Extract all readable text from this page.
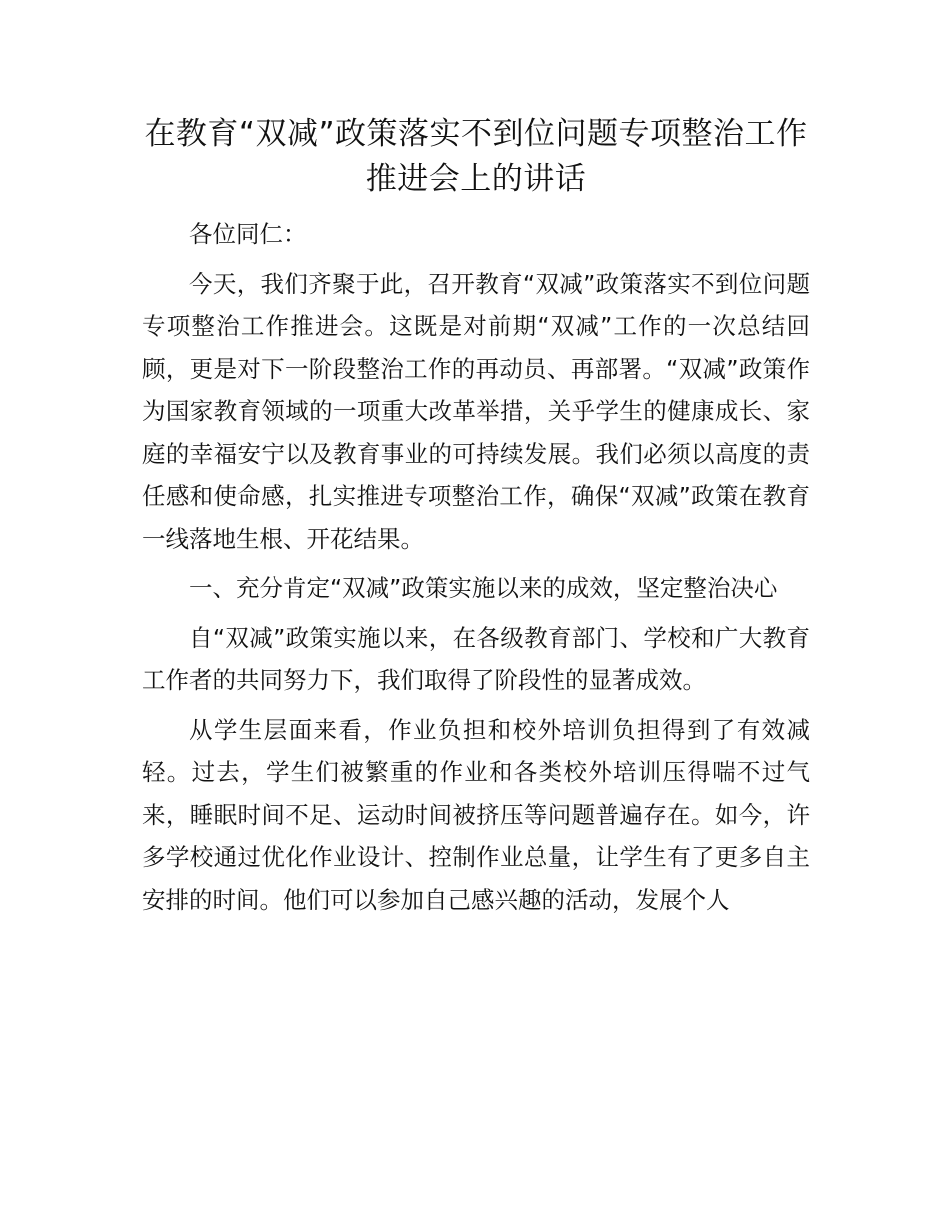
在教育“双减”政策落实不到位问题专项整治工作推进会上的讲话

各位同仁：

今天，我们齐聚于此，召开教育“双减”政策落实不到位问题专项整治工作推进会。这既是对前期“双减”工作的一次总结回顾，更是对下一阶段整治工作的再动员、再部署。“双减”政策作为国家教育领域的一项重大改革举措，关乎学生的健康成长、家庭的幸福安宁以及教育事业的可持续发展。我们必须以高度的责任感和使命感，扎实推进专项整治工作，确保“双减”政策在教育一线落地生根、开花结果。

一、充分肯定“双减”政策实施以来的成效，坚定整治决心

自“双减”政策实施以来，在各级教育部门、学校和广大教育工作者的共同努力下，我们取得了阶段性的显著成效。

从学生层面来看，作业负担和校外培训负担得到了有效减轻。过去，学生们被繁重的作业和各类校外培训压得喘不过气来，睡眠时间不足、运动时间被挤压等问题普遍存在。如今，许多学校通过优化作业设计、控制作业总量，让学生有了更多自主安排的时间。他们可以参加自己感兴趣的活动，发展个人
